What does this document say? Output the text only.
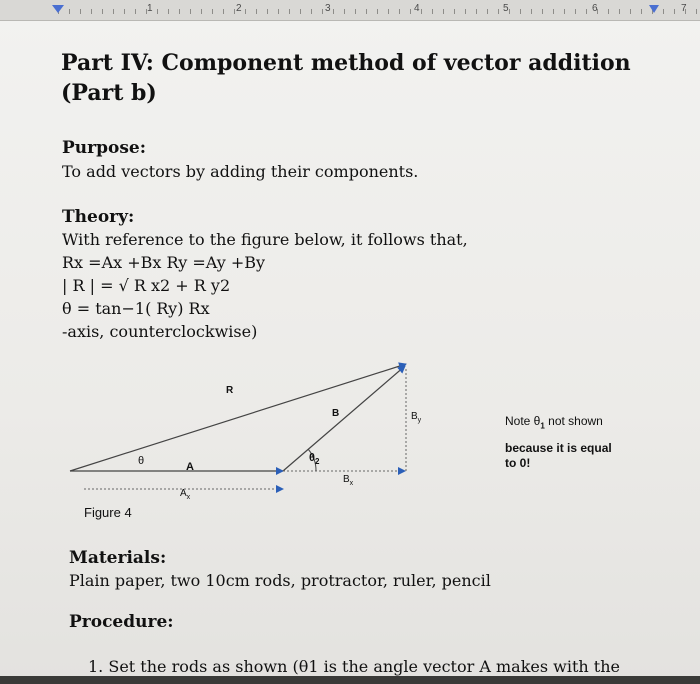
1	2	3	4	5	6	7
Part IV: Component method of vector addition (Part b)
Purpose:
To add vectors by adding their components.
Theory:
With reference to the figure below, it follows that,
Rx =Ax +Bx Ry =Ay +By
| R | = √ R x2 + R y2
θ = tan−1( Ry) Rx
-axis, counterclockwise)
R
B	$B_y$
θ	A
$\theta_2$
$B_x$
$A_x$
Figure 4
Note $\theta_1$ not shown
because it is equal
to 0!
Materials:
Plain paper, two 10cm rods, protractor, ruler, pencil
Procedure:
1. Set the rods as shown (θ1 is the angle vector A makes with the
